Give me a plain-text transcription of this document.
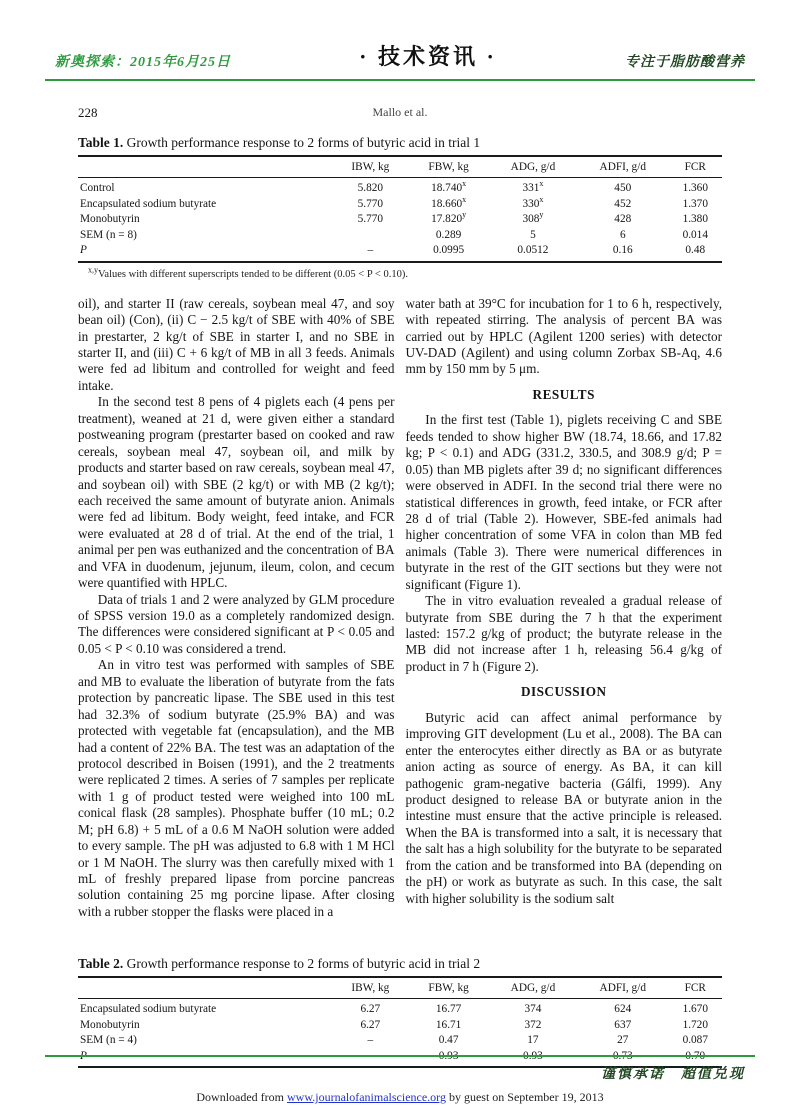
新奥探索：2015年6月25日	· 技术资讯 ·	专注于脂肪酸营养
228	Mallo et al.
Table 1. Growth performance response to 2 forms of butyric acid in trial 1
	IBW, kg	FBW, kg	ADG, g/d	ADFI, g/d	FCR
Control	5.820	18.740$^x$	331$^x$	450	1.360
Encapsulated sodium butyrate	5.770	18.660$^x$	330$^x$	452	1.370
Monobutyrin	5.770	17.820$^y$	308$^y$	428	1.380
SEM (n = 8)		0.289	5	6	0.014
P	–	0.0995	0.0512	0.16	0.48
$^{x,y}$Values with different superscripts tended to be different (0.05 < P < 0.10).

oil), and starter II (raw cereals, soybean meal 47, and soy bean oil) (Con), (ii) C − 2.5 kg/t of SBE with 40% of SBE in prestarter, 2 kg/t of SBE in starter I, and no SBE in starter II, and (iii) C + 6 kg/t of MB in all 3 feeds. Animals were fed ad libitum and controlled for weight and feed intake.

In the second test 8 pens of 4 piglets each (4 pens per treatment), weaned at 21 d, were given either a standard postweaning program (prestarter based on cooked and raw cereals, soybean meal 47, soybean oil, and milk by products and starter based on raw cereals, soybean meal 47, and soybean oil) with SBE (2 kg/t) or with MB (2 kg/t); each received the same amount of butyrate anion. Animals were fed ad libitum. Body weight, feed intake, and FCR were evaluated at 28 d of trial. At the end of the trial, 1 animal per pen was euthanized and the concentration of BA and VFA in duodenum, jejunum, ileum, colon, and cecum were quantified with HPLC.

Data of trials 1 and 2 were analyzed by GLM procedure of SPSS version 19.0 as a completely randomized design. The differences were considered significant at P < 0.05 and 0.05 < P < 0.10 was considered a trend.

An in vitro test was performed with samples of SBE and MB to evaluate the liberation of butyrate from the fats protection by pancreatic lipase. The SBE used in this test had 32.3% of sodium butyrate (25.9% BA) and was protected with vegetable fat (encapsulation), and the MB had a content of 22% BA. The test was an adaptation of the protocol described in Boisen (1991), and the 2 treatments were replicated 2 times. A series of 7 samples per replicate with 1 g of product tested were weighed into 100 mL conical flask (28 samples). Phosphate buffer (10 mL; 0.2 M; pH 6.8) + 5 mL of a 0.6 M NaOH solution were added to every sample. The pH was adjusted to 6.8 with 1 M HCl or 1 M NaOH. The slurry was then carefully mixed with 1 mL of freshly prepared lipase from porcine pancreas solution containing 25 mg porcine lipase. After closing with a rubber stopper the flasks were placed in a

water bath at 39°C for incubation for 1 to 6 h, respectively, with repeated stirring. The analysis of percent BA was carried out by HPLC (Agilent 1200 series) with detector UV-DAD (Agilent) and using column Zorbax SB-Aq, 4.6 mm by 150 mm by 5 μm.

RESULTS

In the first test (Table 1), piglets receiving C and SBE feeds tended to show higher BW (18.74, 18.66, and 17.82 kg; P < 0.1) and ADG (331.2, 330.5, and 308.9 g/d; P = 0.05) than MB piglets after 39 d; no significant differences were observed in ADFI. In the second trial there were no statistical differences in growth, feed intake, or FCR after 28 d of trial (Table 2). However, SBE-fed animals had higher concentration of some VFA in colon than MB fed animals (Table 3). There were numerical differences in butyrate in the rest of the GIT sections but they were not significant (Figure 1).

The in vitro evaluation revealed a gradual release of butyrate from SBE during the 7 h that the experiment lasted: 157.2 g/kg of product; the butyrate release in the MB did not increase after 1 h, releasing 56.4 g/kg of product in 7 h (Figure 2).

DISCUSSION

Butyric acid can affect animal performance by improving GIT development (Lu et al., 2008). The BA can enter the enterocytes either directly as BA or as butyrate anion acting as source of energy. As BA, it can kill pathogenic gram-negative bacteria (Gálfi, 1999). Any product designed to release BA or butyrate anion in the intestine must ensure that the active principle is released. When the BA is transformed into a salt, it is necessary that the salt has a high solubility for the butyrate to be separated from the cation and be transformed into BA (depending on the pH) or work as butyrate as such. In this case, the salt with higher solubility is the sodium salt

Table 2. Growth performance response to 2 forms of butyric acid in trial 2
	IBW, kg	FBW, kg	ADG, g/d	ADFI, g/d	FCR
Encapsulated sodium butyrate	6.27	16.77	374	624	1.670
Monobutyrin	6.27	16.71	372	637	1.720
SEM (n = 4)	–	0.47	17	27	0.087
P	–	0.93	0.93	0.73	0.70
Downloaded from www.journalofanimalscience.org by guest on September 19, 2013
谨慎承诺　超值兑现
